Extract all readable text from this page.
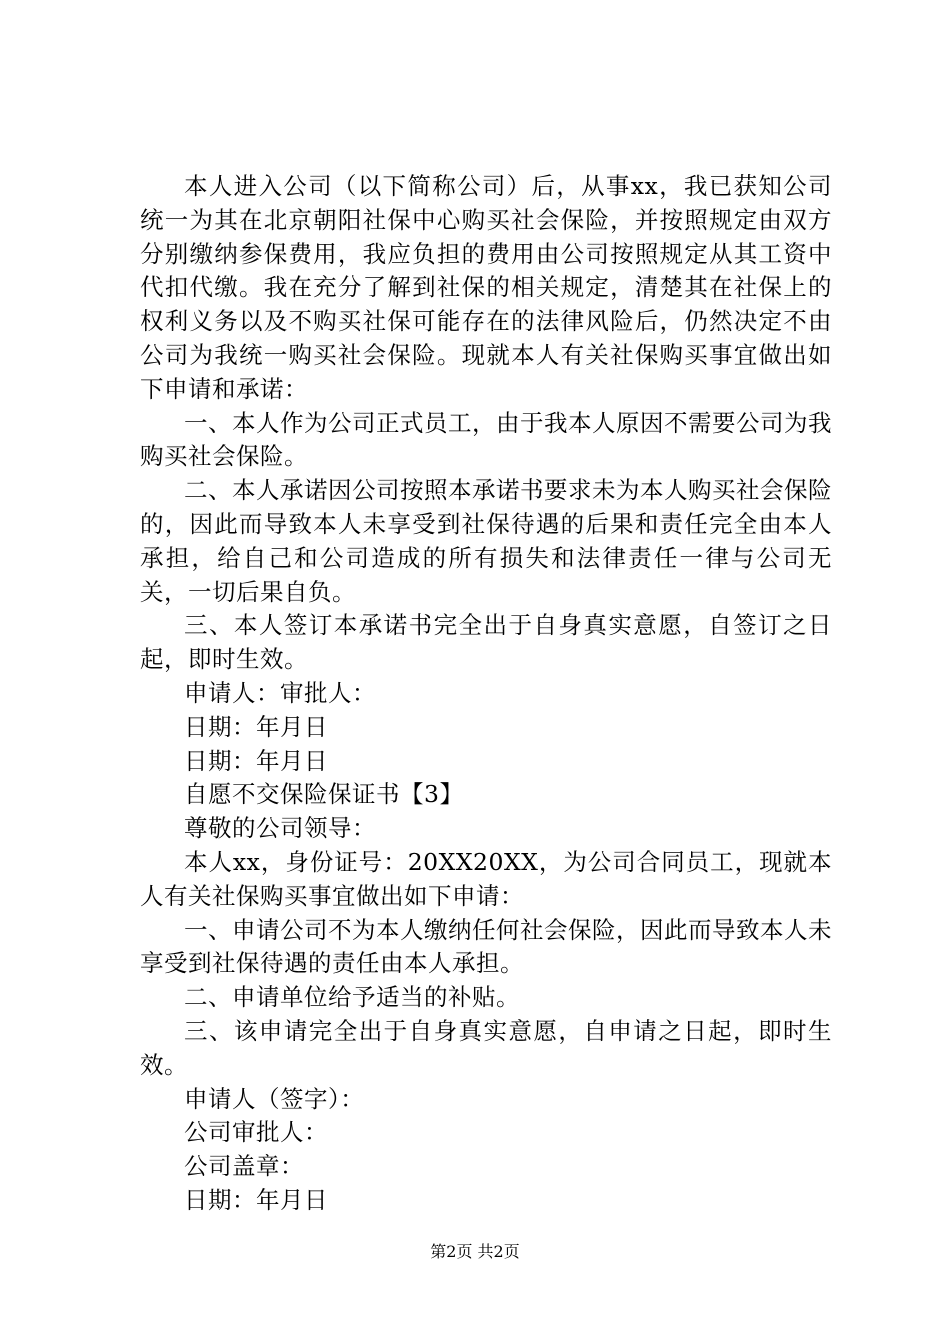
本人进入公司（以下简称公司）后，从事xx，我已获知公司统一为其在北京朝阳社保中心购买社会保险，并按照规定由双方分别缴纳参保费用，我应负担的费用由公司按照规定从其工资中代扣代缴。我在充分了解到社保的相关规定，清楚其在社保上的权利义务以及不购买社保可能存在的法律风险后，仍然决定不由公司为我统一购买社会保险。现就本人有关社保购买事宜做出如下申请和承诺：

一、本人作为公司正式员工，由于我本人原因不需要公司为我购买社会保险。

二、本人承诺因公司按照本承诺书要求未为本人购买社会保险的，因此而导致本人未享受到社保待遇的后果和责任完全由本人承担，给自己和公司造成的所有损失和法律责任一律与公司无关，一切后果自负。

三、本人签订本承诺书完全出于自身真实意愿，自签订之日起，即时生效。

申请人：审批人：

日期：年月日

日期：年月日

自愿不交保险保证书【3】

尊敬的公司领导：

本人xx，身份证号：20XX20XX，为公司合同员工，现就本人有关社保购买事宜做出如下申请：

一、申请公司不为本人缴纳任何社会保险，因此而导致本人未享受到社保待遇的责任由本人承担。

二、申请单位给予适当的补贴。

三、该申请完全出于自身真实意愿，自申请之日起，即时生效。

申请人（签字）：

公司审批人：

公司盖章：

日期：年月日

第2页 共2页
